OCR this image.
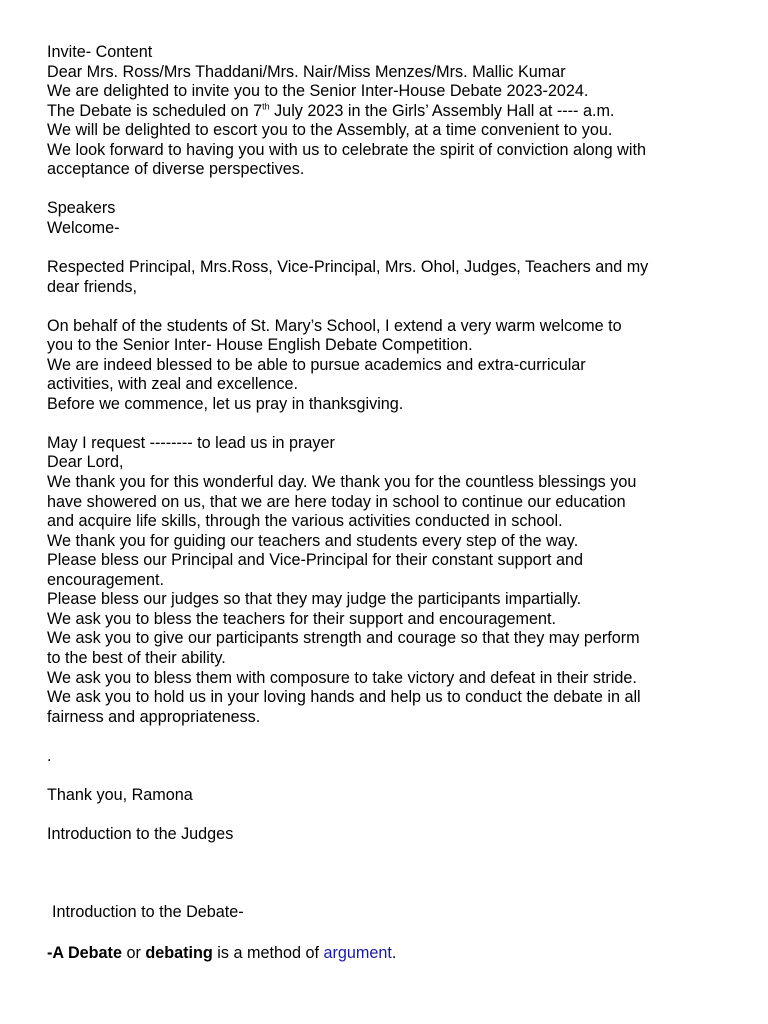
Invite- Content
Dear Mrs. Ross/Mrs Thaddani/Mrs. Nair/Miss Menzes/Mrs. Mallic Kumar
We are delighted to invite you to the Senior Inter-House Debate 2023-2024.
The Debate is scheduled on 7th July 2023 in the Girls’ Assembly Hall at ---- a.m.
We will be delighted to escort you to the Assembly, at a time convenient to you.
We look forward to having you with us to celebrate the spirit of conviction along with
acceptance of diverse perspectives.
Speakers
Welcome-
Respected Principal, Mrs.Ross, Vice-Principal, Mrs. Ohol, Judges, Teachers and my
dear friends,
On behalf of the students of St. Mary’s School, I extend a very warm welcome to
you to the Senior Inter- House English Debate Competition.
We are indeed blessed to be able to pursue academics and extra-curricular
activities, with zeal and excellence.
Before we commence, let us pray in thanksgiving.
May I request -------- to lead us in prayer
Dear Lord,
We thank you for this wonderful day. We thank you for the countless blessings you
have showered on us, that we are here today in school to continue our education
and acquire life skills, through the various activities conducted in school.
We thank you for guiding our teachers and students every step of the way.
Please bless our Principal and Vice-Principal for their constant support and
encouragement.
Please bless our judges so that they may judge the participants impartially.
We ask you to bless the teachers for their support and encouragement.
We ask you to give our participants strength and courage so that they may perform
to the best of their ability.
We ask you to bless them with composure to take victory and defeat in their stride.
We ask you to hold us in your loving hands and help us to conduct the debate in all
fairness and appropriateness.
.
Thank you, Ramona
Introduction to the Judges
Introduction to the Debate-
-A Debate or debating is a method of argument.
